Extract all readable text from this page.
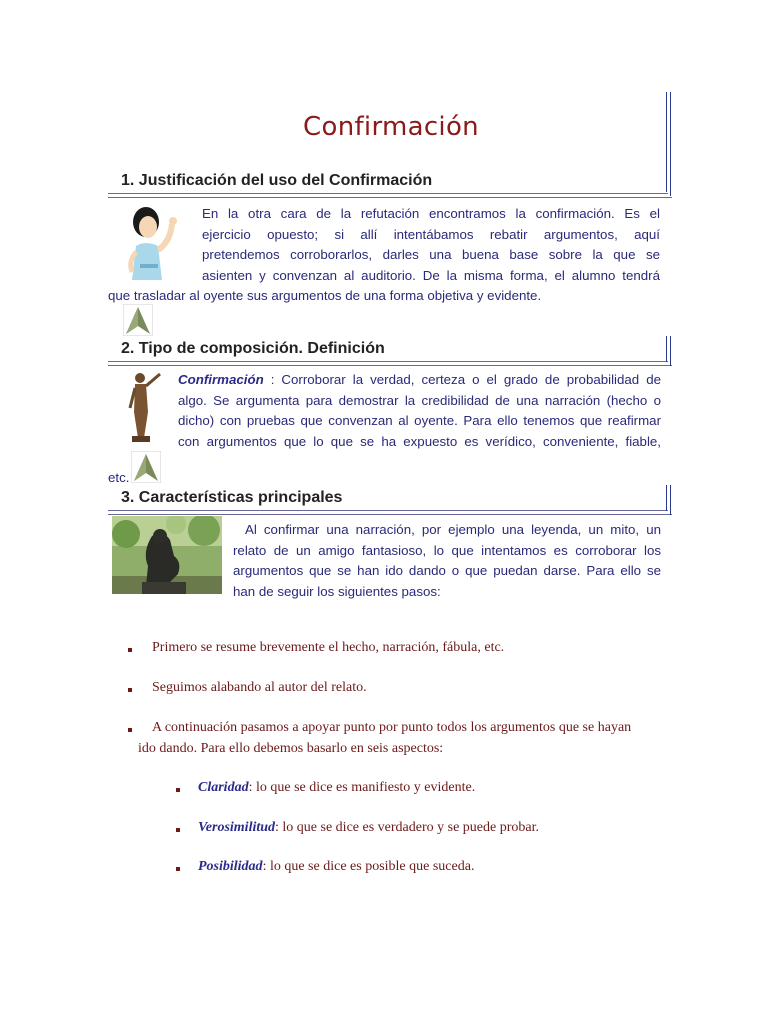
Confirmación
1. Justificación del uso del Confirmación
En la otra cara de la refutación encontramos la confirmación. Es el
ejercicio opuesto; si allí intentábamos rebatir argumentos, aquí
pretendemos corroborarlos, darles una buena base sobre la que se
asienten y convenzan al auditorio. De la misma forma, el alumno tendrá
que trasladar al oyente sus argumentos de una forma objetiva y evidente.
2. Tipo de composición. Definición
Confirmación : Corroborar la verdad, certeza o el grado de probabilidad de
algo. Se argumenta para demostrar la credibilidad de una narración (hecho o
dicho) con pruebas que convenzan al oyente. Para ello tenemos que reafirmar
con argumentos que lo que se ha expuesto es verídico, conveniente, fiable,
etc.
3. Características principales
Al confirmar una narración, por ejemplo una leyenda, un mito, un
relato de un amigo fantasioso, lo que intentamos es corroborar los
argumentos que se han ido dando o que puedan darse. Para ello se
han de seguir los siguientes pasos:
Primero se resume brevemente el hecho, narración, fábula, etc.
Seguimos alabando al autor del relato.
A continuación pasamos a apoyar punto por punto todos los argumentos que se hayan
ido dando. Para ello debemos basarlo en seis aspectos:
Claridad: lo que se dice es manifiesto y evidente.
Verosimilitud: lo que se dice es verdadero y se puede probar.
Posibilidad: lo que se dice es posible que suceda.
